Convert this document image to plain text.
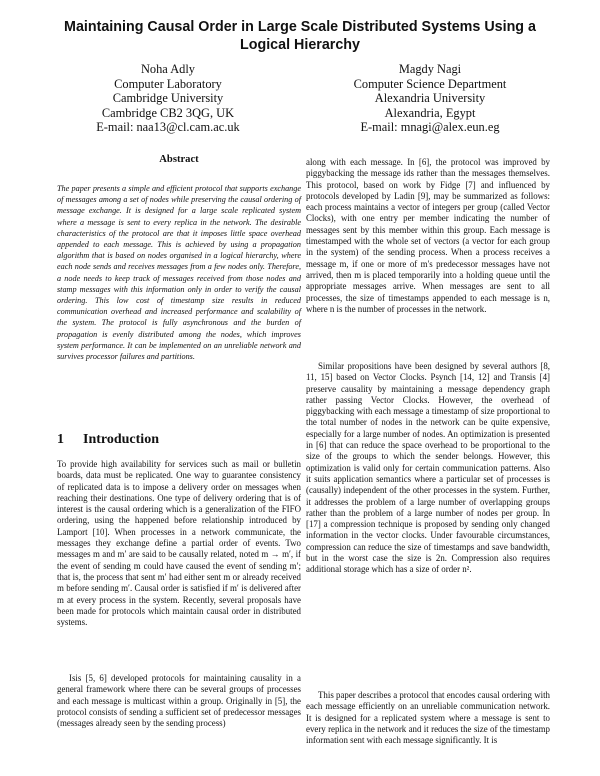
Maintaining Causal Order in Large Scale Distributed Systems Using a Logical Hierarchy
Noha Adly
Computer Laboratory
Cambridge University
Cambridge CB2 3QG, UK
E-mail: naa13@cl.cam.ac.uk
Magdy Nagi
Computer Science Department
Alexandria University
Alexandria, Egypt
E-mail: mnagi@alex.eun.eg
Abstract
The paper presents a simple and efficient protocol that supports exchange of messages among a set of nodes while preserving the causal ordering of message exchange. It is designed for a large scale replicated system where a message is sent to every replica in the network. The desirable characteristics of the protocol are that it imposes little space overhead appended to each message. This is achieved by using a propagation algorithm that is based on nodes organised in a logical hierarchy, where each node sends and receives messages from a few nodes only. Therefore, a node needs to keep track of messages received from those nodes and stamp messages with this information only in order to verify the causal ordering. This low cost of timestamp size results in reduced communication overhead and increased performance and scalability of the system. The protocol is fully asynchronous and the burden of propagation is evenly distributed among the nodes, which improves system performance. It can be implemented on an unreliable network and survives processor failures and partitions.
1 Introduction

To provide high availability for services such as mail or bulletin boards, data must be replicated. One way to guarantee consistency of replicated data is to impose a delivery order on messages when reaching their destinations. One type of delivery ordering that is of interest is the causal ordering which is a generalization of the FIFO ordering, using the happened before relationship introduced by Lamport [10]. When processes in a network communicate, the messages they exchange define a partial order of events. Two messages m and m′ are said to be causally related, noted m → m′, if the event of sending m could have caused the event of sending m′; that is, the process that sent m′ had either sent m or already received m before sending m′. Causal order is satisfied if m′ is delivered after m at every process in the system. Recently, several proposals have been made for protocols which maintain causal order in distributed systems.

Isis [5, 6] developed protocols for maintaining causality in a general framework where there can be several groups of processes and each message is multicast within a group. Originally in [5], the protocol consists of sending a sufficient set of predecessor messages (messages already seen by the sending process)

along with each message. In [6], the protocol was improved by piggybacking the message ids rather than the messages themselves. This protocol, based on work by Fidge [7] and influenced by protocols developed by Ladin [9], may be summarized as follows: each process maintains a vector of integers per group (called Vector Clocks), with one entry per member indicating the number of messages sent by this member within this group. Each message is timestamped with the whole set of vectors (a vector for each group in the system) of the sending process. When a process receives a message m, if one or more of m's predecessor messages have not arrived, then m is placed temporarily into a holding queue until the appropriate messages arrive. When messages are sent to all processes, the size of timestamps appended to each message is n, where n is the number of processes in the network.

Similar propositions have been designed by several authors [8, 11, 15] based on Vector Clocks. Psynch [14, 12] and Transis [4] preserve causality by maintaining a message dependency graph rather passing Vector Clocks. However, the overhead of piggybacking with each message a timestamp of size proportional to the total number of nodes in the network can be quite expensive, especially for a large number of nodes. An optimization is presented in [6] that can reduce the space overhead to be proportional to the size of the groups to which the sender belongs. However, this optimization is valid only for certain communication patterns. Also it suits application semantics where a particular set of processes is (causally) independent of the other processes in the system. Further, it addresses the problem of a large number of overlapping groups rather than the problem of a large number of nodes per group. In [17] a compression technique is proposed by sending only changed information in the vector clocks. Under favourable circumstances, compression can reduce the size of timestamps and save bandwidth, but in the worst case the size is 2n. Compression also requires additional storage which has a size of order n².

This paper describes a protocol that encodes causal ordering with each message efficiently on an unreliable communication network. It is designed for a replicated system where a message is sent to every replica in the network and it reduces the size of the timestamp information sent with each message significantly. It is
